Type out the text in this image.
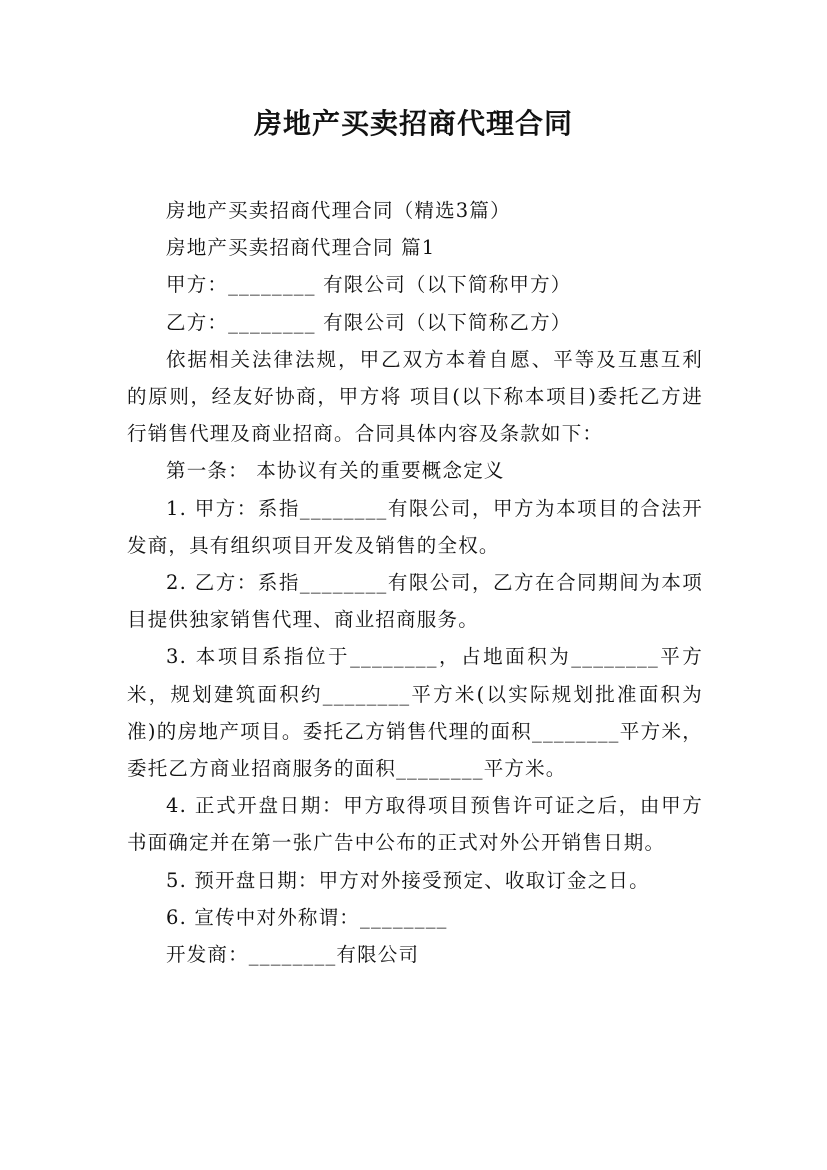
房地产买卖招商代理合同

房地产买卖招商代理合同（精选3篇）

房地产买卖招商代理合同 篇1

甲方：________ 有限公司（以下简称甲方）

乙方：________ 有限公司（以下简称乙方）

依据相关法律法规，甲乙双方本着自愿、平等及互惠互利的原则，经友好协商，甲方将 项目(以下称本项目)委托乙方进行销售代理及商业招商。合同具体内容及条款如下：

第一条： 本协议有关的重要概念定义

1. 甲方：系指________有限公司，甲方为本项目的合法开发商，具有组织项目开发及销售的全权。

2. 乙方：系指________有限公司，乙方在合同期间为本项目提供独家销售代理、商业招商服务。

3. 本项目系指位于________，占地面积为________平方米，规划建筑面积约________平方米(以实际规划批准面积为准)的房地产项目。委托乙方销售代理的面积________平方米，委托乙方商业招商服务的面积________平方米。

4. 正式开盘日期：甲方取得项目预售许可证之后，由甲方书面确定并在第一张广告中公布的正式对外公开销售日期。

5. 预开盘日期：甲方对外接受预定、收取订金之日。

6. 宣传中对外称谓：________

开发商：________有限公司
